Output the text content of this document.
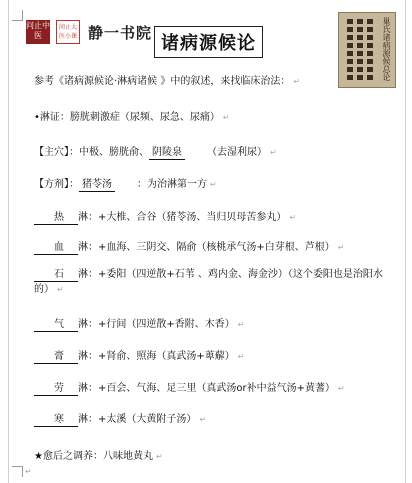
问止中医
问止大医小课 静一书院 诸病源候论	巢氏诸病源候总论
参考《诸病源候论·淋病诸候 》中的叙述，来找临床治法： ↵
•淋证：膀胱刺激症（尿频、尿急、尿痛） ↵
【主穴】：中极、膀胱俞、 阴陵泉	（去湿利尿） ↵
【方剂】： 猪苓汤	：为治淋第一方 ↵
热 淋：+大椎、合谷（猪苓汤、当归贝母苦参丸） ↵
血 淋：+血海、三阴交、隔俞（核桃承气汤+白芽根、芦根） ↵
石 淋：+委阳（四逆散+石苇 、鸡内金、海金沙）（这个委阳也是治阳水的） ↵
气 淋：+行间（四逆散+香附、木香） ↵
膏 淋：+肾俞、照海（真武汤+萆薢） ↵
劳 淋：+百会、气海、足三里（真武汤or补中益气汤+黄蓍） ↵
寒 淋：+太溪（大黄附子汤） ↵
★愈后之调养：八味地黄丸 ↵
↵
